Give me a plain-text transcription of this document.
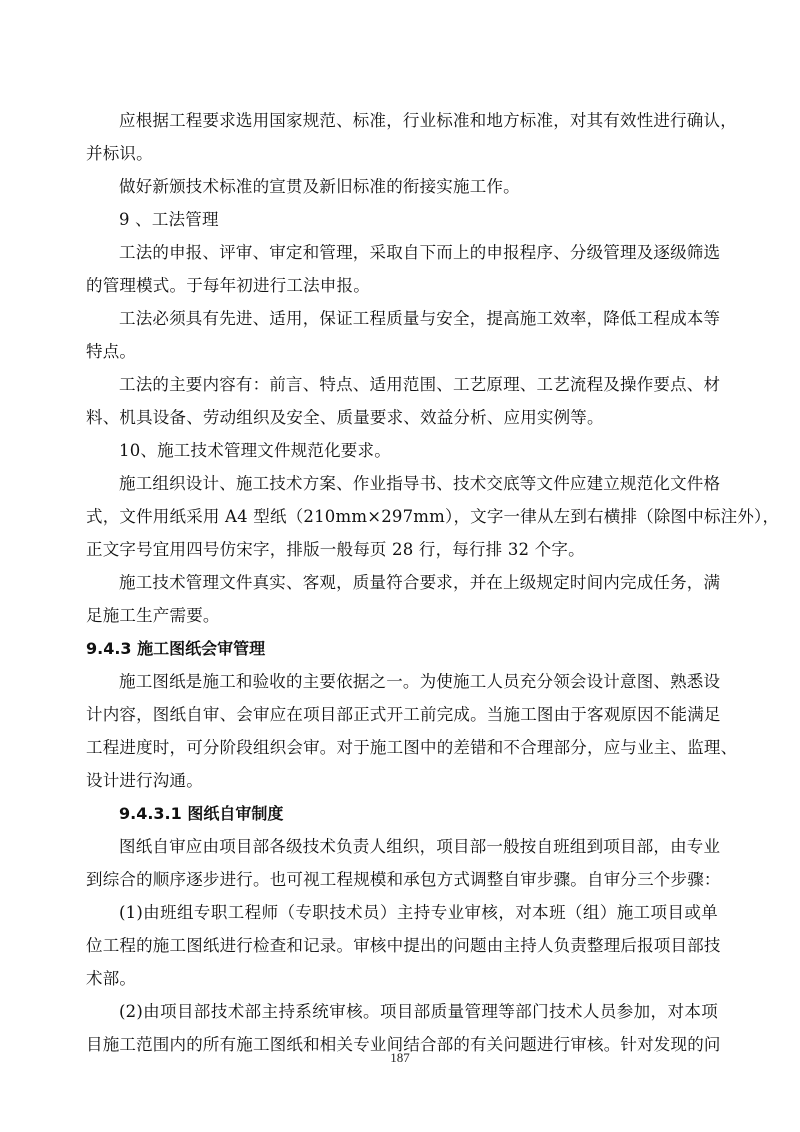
应根据工程要求选用国家规范、标准，行业标准和地方标准，对其有效性进行确认，
并标识。
做好新颁技术标准的宣贯及新旧标准的衔接实施工作。
9 、工法管理
工法的申报、评审、审定和管理，采取自下而上的申报程序、分级管理及逐级筛选
的管理模式。于每年初进行工法申报。
工法必须具有先进、适用，保证工程质量与安全，提高施工效率，降低工程成本等
特点。
工法的主要内容有：前言、特点、适用范围、工艺原理、工艺流程及操作要点、材
料、机具设备、劳动组织及安全、质量要求、效益分析、应用实例等。
10、施工技术管理文件规范化要求。
施工组织设计、施工技术方案、作业指导书、技术交底等文件应建立规范化文件格
式，文件用纸采用 A4 型纸（210mm×297mm），文字一律从左到右横排（除图中标注外），
正文字号宜用四号仿宋字，排版一般每页 28 行，每行排 32 个字。
施工技术管理文件真实、客观，质量符合要求，并在上级规定时间内完成任务，满
足施工生产需要。
9.4.3 施工图纸会审管理
施工图纸是施工和验收的主要依据之一。为使施工人员充分领会设计意图、熟悉设
计内容，图纸自审、会审应在项目部正式开工前完成。当施工图由于客观原因不能满足
工程进度时，可分阶段组织会审。对于施工图中的差错和不合理部分，应与业主、监理、
设计进行沟通。
9.4.3.1 图纸自审制度
图纸自审应由项目部各级技术负责人组织，项目部一般按自班组到项目部，由专业
到综合的顺序逐步进行。也可视工程规模和承包方式调整自审步骤。自审分三个步骤：
(1)由班组专职工程师（专职技术员）主持专业审核，对本班（组）施工项目或单
位工程的施工图纸进行检查和记录。审核中提出的问题由主持人负责整理后报项目部技
术部。
(2)由项目部技术部主持系统审核。项目部质量管理等部门技术人员参加，对本项
目施工范围内的所有施工图纸和相关专业间结合部的有关问题进行审核。针对发现的问
187
